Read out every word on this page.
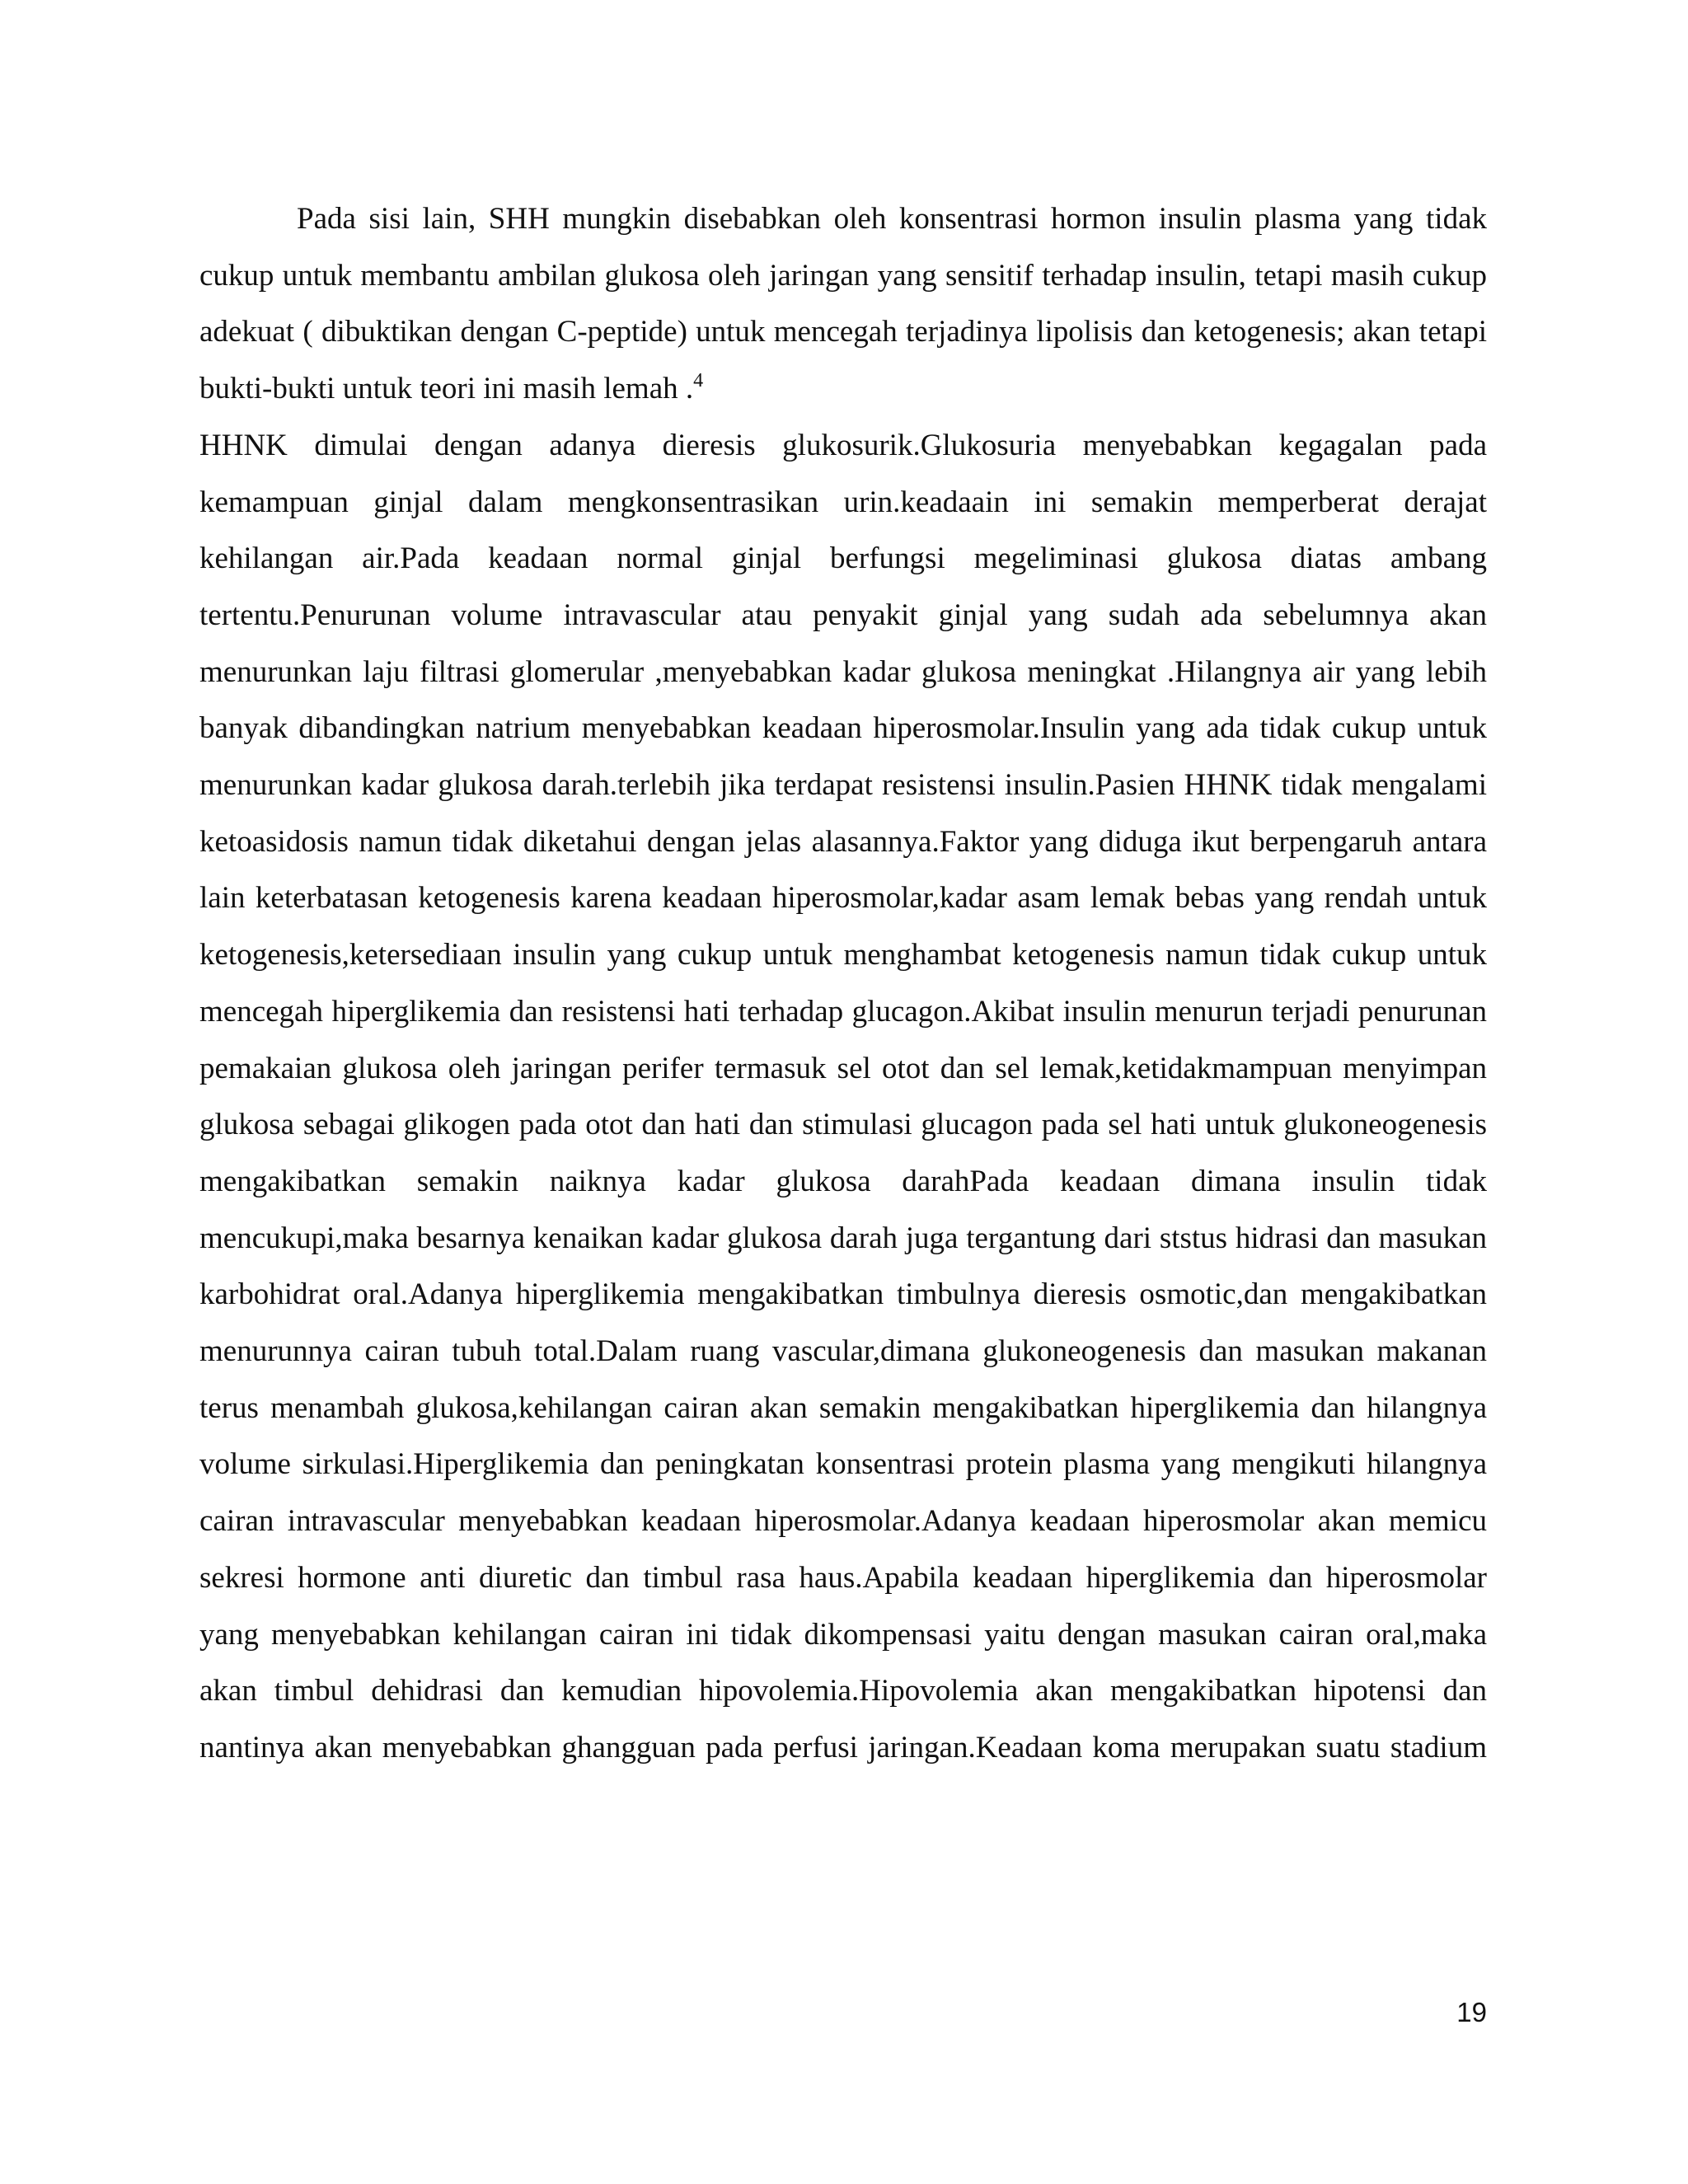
Pada sisi lain, SHH mungkin disebabkan oleh konsentrasi hormon insulin plasma yang tidak cukup untuk membantu ambilan glukosa oleh jaringan yang sensitif terhadap insulin, tetapi masih cukup adekuat ( dibuktikan dengan C-peptide) untuk mencegah terjadinya lipolisis dan ketogenesis; akan tetapi bukti-bukti untuk teori ini masih lemah .$^4$

HHNK dimulai dengan adanya dieresis glukosurik.Glukosuria menyebabkan kegagalan pada kemampuan ginjal dalam mengkonsentrasikan urin.keadaain ini semakin memperberat derajat kehilangan air.Pada keadaan normal ginjal berfungsi megeliminasi glukosa diatas ambang tertentu.Penurunan volume intravascular atau penyakit ginjal yang sudah ada sebelumnya akan menurunkan laju filtrasi glomerular ,menyebabkan kadar glukosa meningkat .Hilangnya air yang lebih banyak dibandingkan natrium menyebabkan keadaan hiperosmolar.Insulin yang ada tidak cukup untuk menurunkan kadar glukosa darah.terlebih jika terdapat resistensi insulin.Pasien HHNK tidak mengalami ketoasidosis namun tidak diketahui dengan jelas alasannya.Faktor yang diduga ikut berpengaruh antara lain keterbatasan ketogenesis karena keadaan hiperosmolar,kadar asam lemak bebas yang rendah untuk ketogenesis,ketersediaan insulin yang cukup untuk menghambat ketogenesis namun tidak cukup untuk mencegah hiperglikemia dan resistensi hati terhadap glucagon.Akibat insulin menurun terjadi penurunan pemakaian glukosa oleh jaringan perifer termasuk sel otot dan sel lemak,ketidakmampuan menyimpan glukosa sebagai glikogen pada otot dan hati dan stimulasi glucagon pada sel hati untuk glukoneogenesis mengakibatkan semakin naiknya kadar glukosa darahPada keadaan dimana insulin tidak mencukupi,maka besarnya kenaikan kadar glukosa darah juga tergantung dari ststus hidrasi dan masukan karbohidrat oral.Adanya hiperglikemia mengakibatkan timbulnya dieresis osmotic,dan mengakibatkan menurunnya cairan tubuh total.Dalam ruang vascular,dimana glukoneogenesis dan masukan makanan terus menambah glukosa,kehilangan cairan akan semakin mengakibatkan hiperglikemia dan hilangnya volume sirkulasi.Hiperglikemia dan peningkatan konsentrasi protein plasma yang mengikuti hilangnya cairan intravascular menyebabkan keadaan hiperosmolar.Adanya keadaan hiperosmolar akan memicu sekresi hormone anti diuretic dan timbul rasa haus.Apabila keadaan hiperglikemia dan hiperosmolar yang menyebabkan kehilangan cairan ini tidak dikompensasi yaitu dengan masukan cairan oral,maka akan timbul dehidrasi dan kemudian hipovolemia.Hipovolemia akan mengakibatkan hipotensi dan nantinya akan menyebabkan ghangguan pada perfusi jaringan.Keadaan koma merupakan suatu stadium

19
